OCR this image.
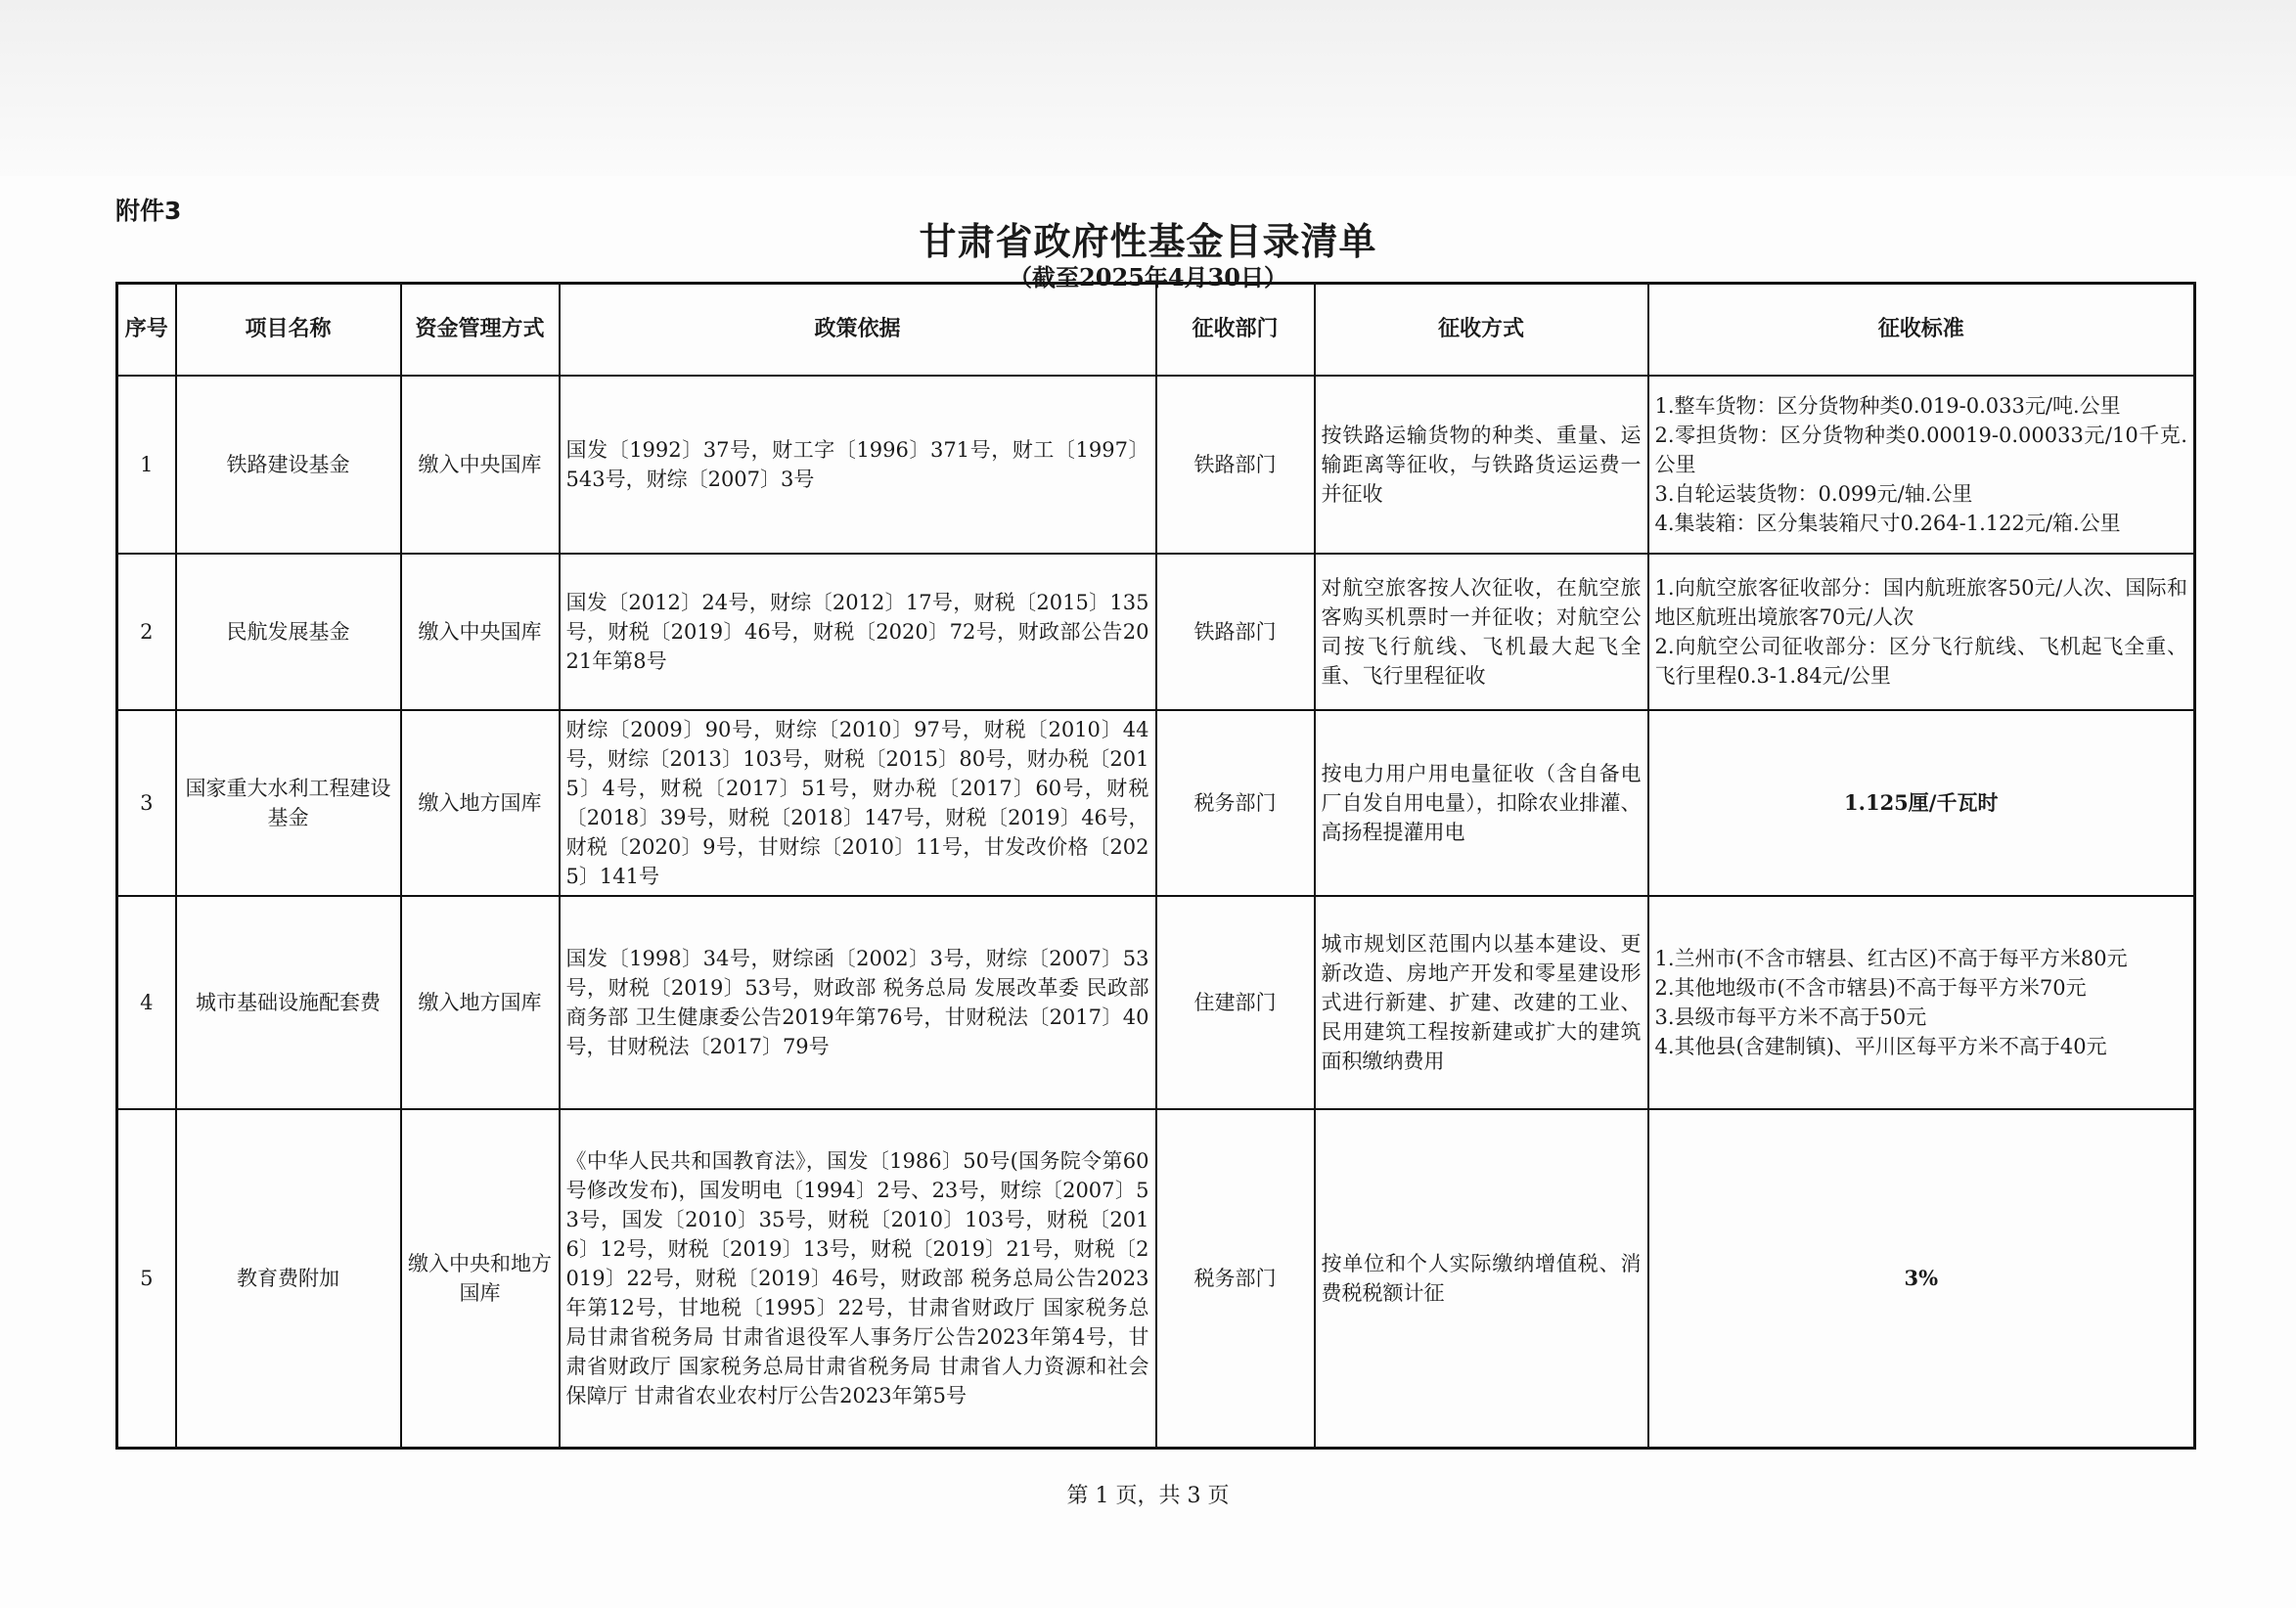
附件3
甘肃省政府性基金目录清单
（截至2025年4月30日）
序号	项目名称	资金管理方式	政策依据	征收部门	征收方式	征收标准
1	铁路建设基金	缴入中央国库	国发〔1992〕37号，财工字〔1996〕371号，财工〔1997〕543号，财综〔2007〕3号	铁路部门	按铁路运输货物的种类、重量、运输距离等征收，与铁路货运运费一并征收	1.整车货物：区分货物种类0.019-0.033元/吨.公里
2.零担货物：区分货物种类0.00019-0.00033元/10千克.公里
3.自轮运装货物：0.099元/轴.公里
4.集装箱：区分集装箱尺寸0.264-1.122元/箱.公里

2	民航发展基金	缴入中央国库	国发〔2012〕24号，财综〔2012〕17号，财税〔2015〕135号，财税〔2019〕46号，财税〔2020〕72号，财政部公告2021年第8号	铁路部门	对航空旅客按人次征收，在航空旅客购买机票时一并征收；对航空公司按飞行航线、飞机最大起飞全重、飞行里程征收	1.向航空旅客征收部分：国内航班旅客50元/人次、国际和地区航班出境旅客70元/人次
2.向航空公司征收部分：区分飞行航线、飞机起飞全重、飞行里程0.3-1.84元/公里

3	国家重大水利工程建设基金	缴入地方国库	财综〔2009〕90号，财综〔2010〕97号，财税〔2010〕44号，财综〔2013〕103号，财税〔2015〕80号，财办税〔2015〕4号，财税〔2017〕51号，财办税〔2017〕60号，财税〔2018〕39号，财税〔2018〕147号，财税〔2019〕46号，财税〔2020〕9号，甘财综〔2010〕11号，甘发改价格〔2025〕141号	税务部门	按电力用户用电量征收（含自备电厂自发自用电量），扣除农业排灌、高扬程提灌用电	1.125厘/千瓦时
4	城市基础设施配套费	缴入地方国库	国发〔1998〕34号，财综函〔2002〕3号，财综〔2007〕53号，财税〔2019〕53号，财政部 税务总局 发展改革委 民政部 商务部 卫生健康委公告2019年第76号，甘财税法〔2017〕40号，甘财税法〔2017〕79号	住建部门	城市规划区范围内以基本建设、更新改造、房地产开发和零星建设形式进行新建、扩建、改建的工业、民用建筑工程按新建或扩大的建筑面积缴纳费用	1.兰州市(不含市辖县、红古区)不高于每平方米80元
2.其他地级市(不含市辖县)不高于每平方米70元
3.县级市每平方米不高于50元
4.其他县(含建制镇)、平川区每平方米不高于40元

5	教育费附加	缴入中央和地方国库	《中华人民共和国教育法》，国发〔1986〕50号(国务院令第60号修改发布)，国发明电〔1994〕2号、23号，财综〔2007〕53号，国发〔2010〕35号，财税〔2010〕103号，财税〔2016〕12号，财税〔2019〕13号，财税〔2019〕21号，财税〔2019〕22号，财税〔2019〕46号，财政部 税务总局公告2023年第12号，甘地税〔1995〕22号，甘肃省财政厅 国家税务总局甘肃省税务局 甘肃省退役军人事务厅公告2023年第4号，甘肃省财政厅 国家税务总局甘肃省税务局 甘肃省人力资源和社会保障厅 甘肃省农业农村厅公告2023年第5号	税务部门	按单位和个人实际缴纳增值税、消费税税额计征	3%
第 1 页，共 3 页
